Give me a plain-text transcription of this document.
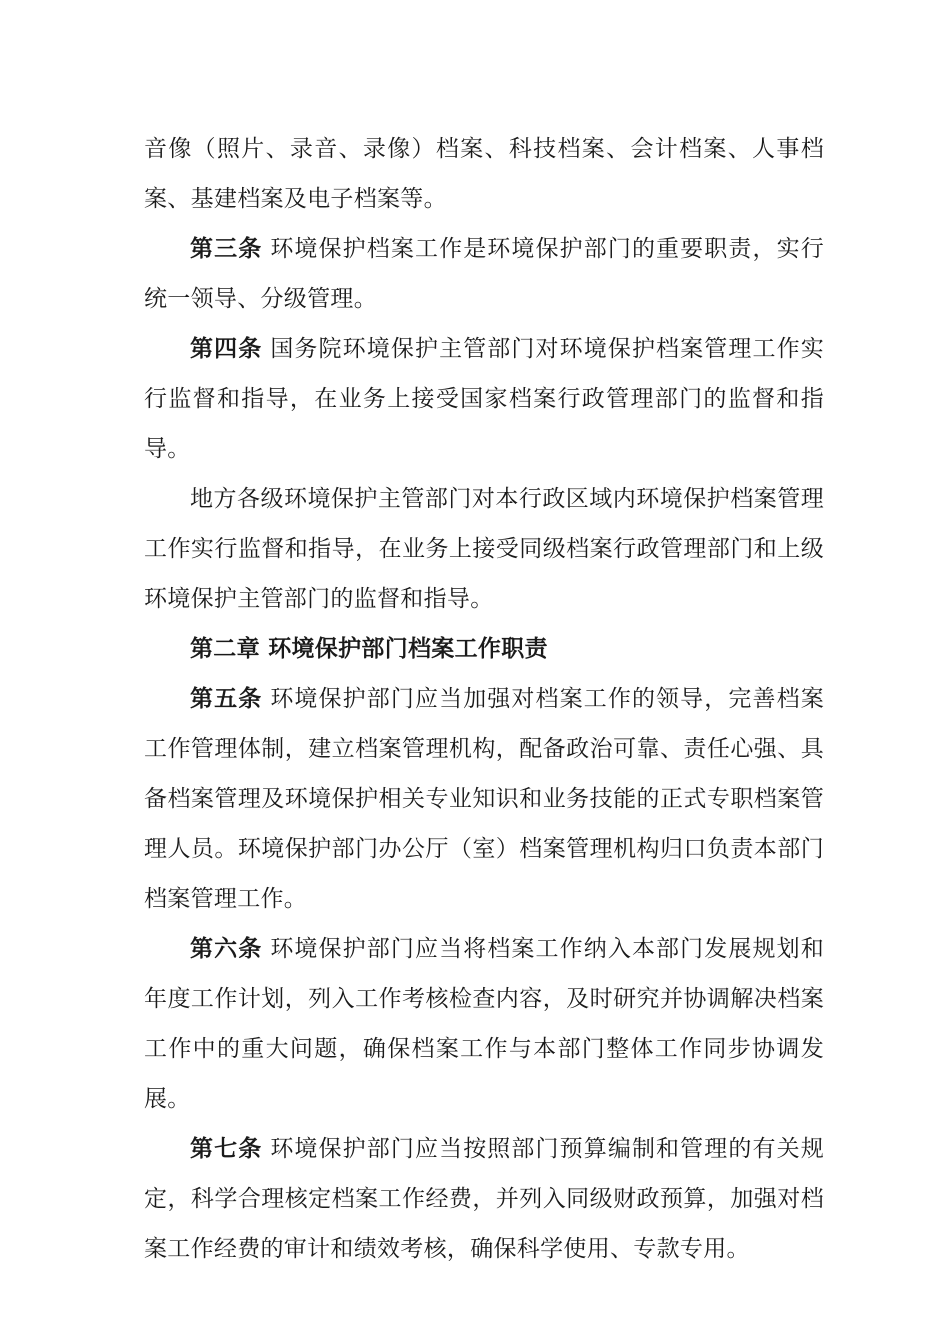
音像（照片、录音、录像）档案、科技档案、会计档案、人事档案、基建档案及电子档案等。

第三条 环境保护档案工作是环境保护部门的重要职责，实行统一领导、分级管理。

第四条 国务院环境保护主管部门对环境保护档案管理工作实行监督和指导，在业务上接受国家档案行政管理部门的监督和指导。

地方各级环境保护主管部门对本行政区域内环境保护档案管理工作实行监督和指导，在业务上接受同级档案行政管理部门和上级环境保护主管部门的监督和指导。

第二章 环境保护部门档案工作职责

第五条 环境保护部门应当加强对档案工作的领导，完善档案工作管理体制，建立档案管理机构，配备政治可靠、责任心强、具备档案管理及环境保护相关专业知识和业务技能的正式专职档案管理人员。环境保护部门办公厅（室）档案管理机构归口负责本部门档案管理工作。

第六条 环境保护部门应当将档案工作纳入本部门发展规划和年度工作计划，列入工作考核检查内容，及时研究并协调解决档案工作中的重大问题，确保档案工作与本部门整体工作同步协调发展。

第七条 环境保护部门应当按照部门预算编制和管理的有关规定，科学合理核定档案工作经费，并列入同级财政预算，加强对档案工作经费的审计和绩效考核，确保科学使用、专款专用。
